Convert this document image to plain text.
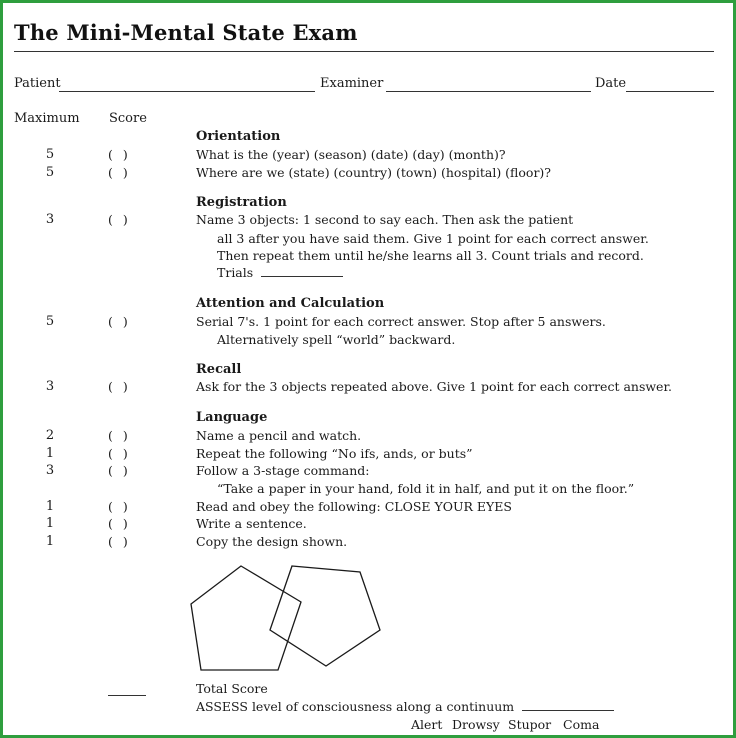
The Mini-Mental State Exam
Patient	Examiner	Date
Maximum Score
Orientation
5	( )	What is the (year) (season) (date) (day) (month)?
5	( )	Where are we (state) (country) (town) (hospital) (floor)?
Registration
3	( )	Name 3 objects: 1 second to say each. Then ask the patient
all 3 after you have said them. Give 1 point for each correct answer.
Then repeat them until he/she learns all 3. Count trials and record.
Trials
Attention and Calculation
5	( )	Serial 7's. 1 point for each correct answer. Stop after 5 answers.
Alternatively spell “world” backward.
Recall
3	( )	Ask for the 3 objects repeated above. Give 1 point for each correct answer.
Language
2	( )	Name a pencil and watch.
1	( )	Repeat the following “No ifs, ands, or buts”
3	( )	Follow a 3-stage command:
“Take a paper in your hand, fold it in half, and put it on the floor.”
1	( )	Read and obey the following: CLOSE YOUR EYES
1	( )	Write a sentence.
1	( )	Copy the design shown.
Total Score
ASSESS level of consciousness along a continuum
Alert Drowsy Stupor Coma
